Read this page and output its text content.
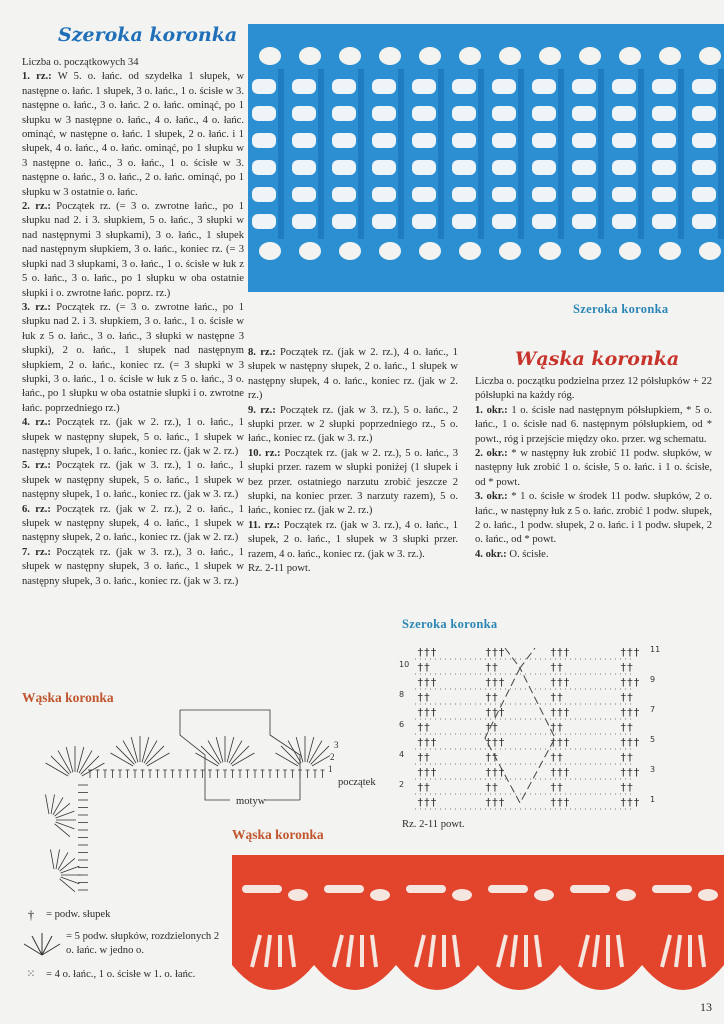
Szeroka koronka
Szeroka koronka

Liczba o. początkowych 34

1. rz.: W 5. o. łańc. od szydełka 1 słupek, w następne o. łańc. 1 słupek, 3 o. łańc., 1 o. ścisłe w 3. następne o. łańc., 3 o. łańc. 2 o. łańc. ominąć, po 1 słupku w 3 następne o. łańc., 4 o. łańc., 4 o. łańc. ominąć, w następne o. łańc. 1 słupek, 2 o. łańc. i 1 słupek, 4 o. łańc., 4 o. łańc. ominąć, po 1 słupku w 3 następne o. łańc., 3 o. łańc., 1 o. ścisłe w 3. następne o. łańc., 3 o. łańc., 2 o. łańc. ominąć, po 1 słupku w 3 ostatnie o. łańc.

2. rz.: Początek rz. (= 3 o. zwrotne łańc., po 1 słupku nad 2. i 3. słupkiem, 5 o. łańc., 3 słupki w nad następnymi 3 słupkami), 3 o. łańc., 1 słupek nad następnym słupkiem, 3 o. łańc., koniec rz. (= 3 słupki nad 3 słupkami, 3 o. łańc., 1 o. ścisłe w łuk z 5 o. łańc., 3 o. łańc., po 1 słupku w oba ostatnie słupki i o. zwrotne łańc. poprz. rz.)

3. rz.: Początek rz. (= 3 o. zwrotne łańc., po 1 słupku nad 2. i 3. słupkiem, 3 o. łańc., 1 o. ścisłe w łuk z 5 o. łańc., 3 o. łańc., 3 słupki w następne 3 słupki), 2 o. łańc., 1 słupek nad następnym słupkiem, 2 o. łańc., koniec rz. (= 3 słupki w 3 słupki, 3 o. łańc., 1 o. ścisłe w łuk z 5 o. łańc., 3 o. łańc., po 1 słupku w oba ostatnie słupki i o. zwrotne łańc. poprzedniego rz.)

4. rz.: Początek rz. (jak w 2. rz.), 1 o. łańc., 1 słupek w następny słupek, 5 o. łańc., 1 słupek w następny słupek, 1 o. łańc., koniec rz. (jak w 2. rz.)

5. rz.: Początek rz. (jak w 3. rz.), 1 o. łańc., 1 słupek w następny słupek, 5 o. łańc., 1 słupek w następny słupek, 1 o. łańc., koniec rz. (jak w 3. rz.)

6. rz.: Początek rz. (jak w 2. rz.), 2 o. łańc., 1 słupek w następny słupek, 4 o. łańc., 1 słupek w następny słupek, 2 o. łańc., koniec rz. (jak w 2. rz.)

7. rz.: Początek rz. (jak w 3. rz.), 3 o. łańc., 1 słupek w następny słupek, 3 o. łańc., 1 słupek w następny słupek, 3 o. łańc., koniec rz. (jak w 3. rz.)

8. rz.: Początek rz. (jak w 2. rz.), 4 o. łańc., 1 słupek w następny słupek, 2 o. łańc., 1 słupek w następny słupek, 4 o. łańc., koniec rz. (jak w 2. rz.)

9. rz.: Początek rz. (jak w 3. rz.), 5 o. łańc., 2 słupki przer. w 2 słupki poprzedniego rz., 5 o. łańc., koniec rz. (jak w 3. rz.)

10. rz.: Początek rz. (jak w 2. rz.), 5 o. łańc., 3 słupki przer. razem w słupki poniżej (1 słupek i bez przer. ostatniego narzutu zrobić jeszcze 2 słupki, na koniec przer. 3 narzuty razem), 5 o. łańc., koniec rz. (jak w 2. rz.)

11. rz.: Początek rz. (jak w 3. rz.), 4 o. łańc., 1 słupek, 2 o. łańc., 1 słupek w 3 słupki przer. razem, 4 o. łańc., koniec rz. (jak w 3. rz.).

Rz. 2-11 powt.

Wąska koronka

Liczba o. początku podzielna przez 12 półsłupków + 22 półsłupki na każdy róg.

1. okr.: 1 o. ścisłe nad następnym półsłupkiem, * 5 o. łańc., 1 o. ścisłe nad 6. następnym półsłupkiem, od * powt., róg i przejście między oko. przer. wg schematu.

2. okr.: * w następny łuk zrobić 11 podw. słupków, w następny łuk zrobić 1 o. ścisłe, 5 o. łańc. i 1 o. ścisłe, od * powt.

3. okr.: * 1 o. ścisłe w środek 11 podw. słupków, 2 o. łańc., w następny łuk z 5 o. łańc. zrobić 1 podw. słupek, 2 o. łańc., 1 podw. słupek, 2 o. łańc. i 1 podw. słupek, 2 o. łańc., od * powt.

4. okr.: O. ścisłe.

Szeroka koronka
†††	†††	†††	†††
††	††	††	††
†††	†††	†††	†††
††	††	††	††
†††	†††	†††	†††
††	††	††	††
†††	†††	†††	†††
††	††	††	††
†††	†††	†††	†††
††	††	††	††
†††	†††	†††	†††
10
8
6
4
2
11
9
7
5
3
1
Rz. 2-11 powt.
Wąska koronka
początek
motyw
3
2
1
Wąska koronka
†	= podw. słupek
= 5 podw. słupków, rozdzielonych 2 o. łańc. w jedno o.
⁙ = 4 o. łańc., 1 o. ścisłe w 1. o. łańc.
13
